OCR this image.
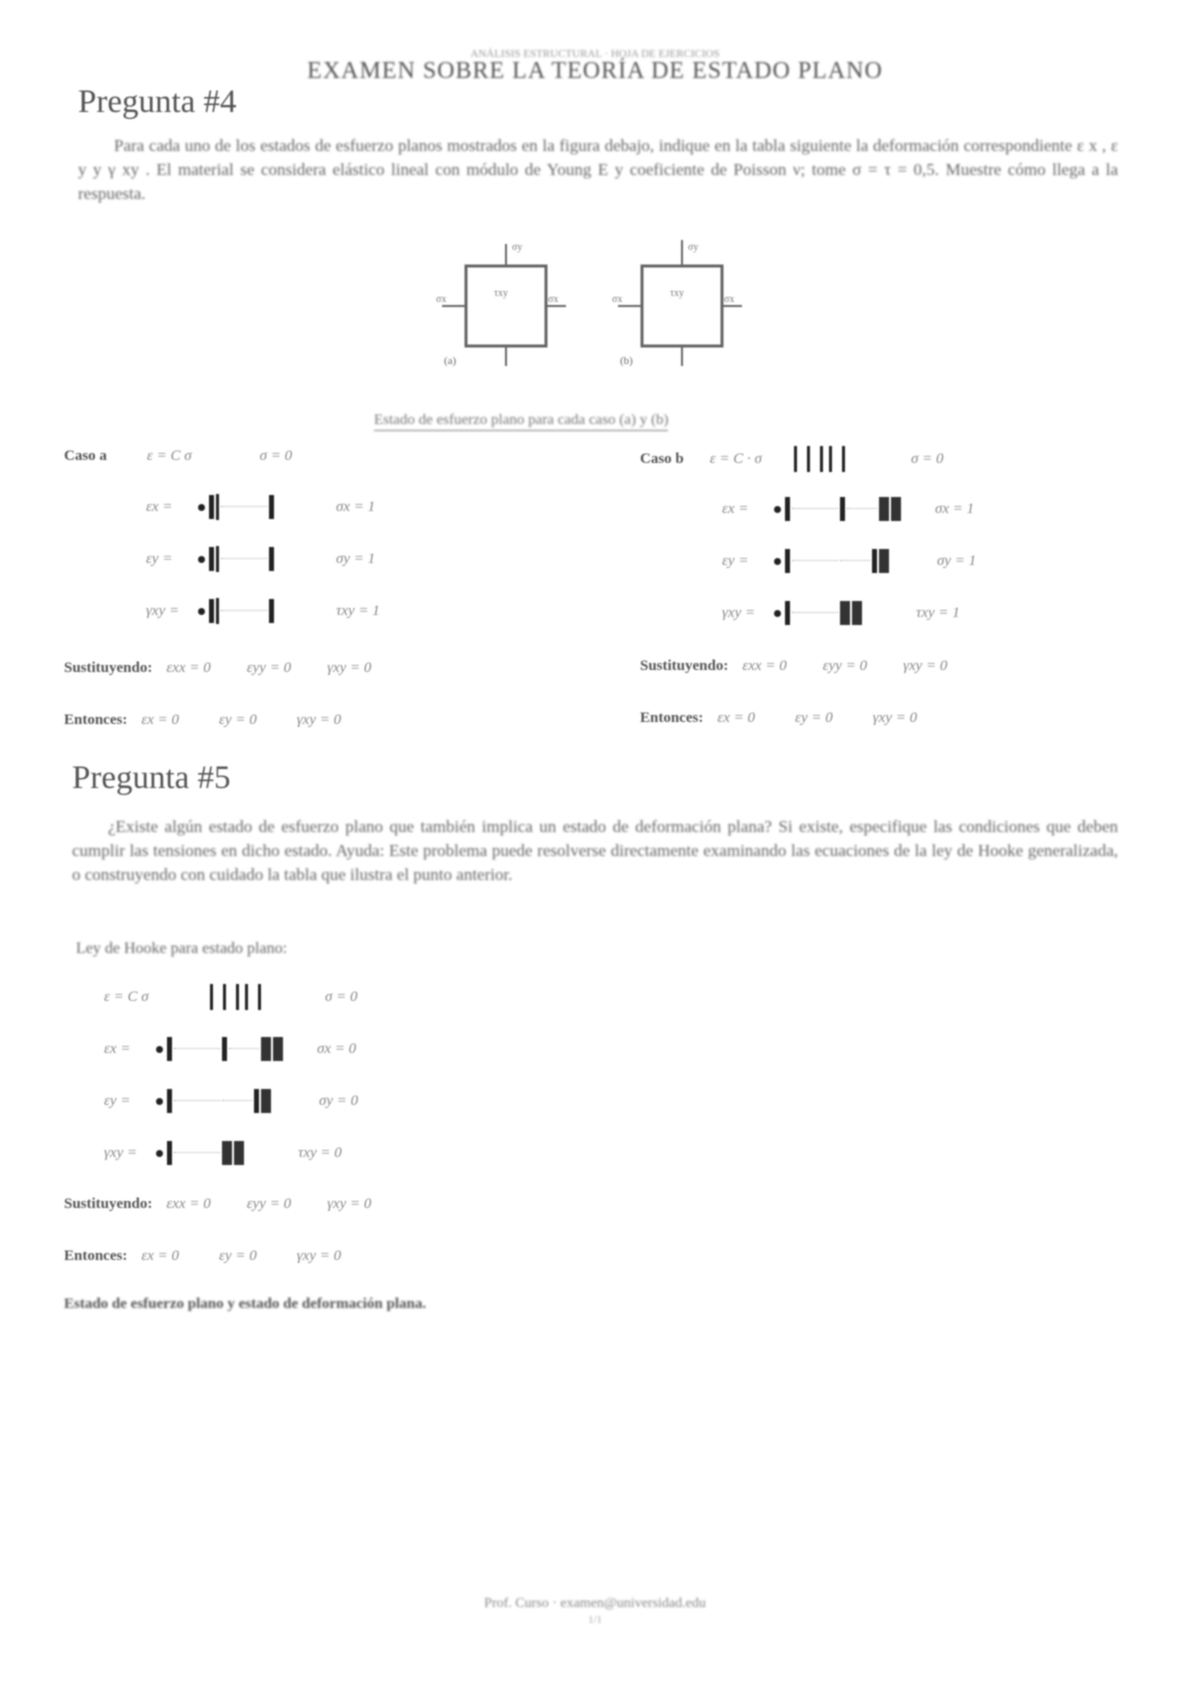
ANÁLISIS ESTRUCTURAL · HOJA DE EJERCICIOS
EXAMEN SOBRE LA TEORÍA DE ESTADO PLANO
Pregunta #4

Para cada uno de los estados de esfuerzo planos mostrados en la figura debajo, indique en la tabla siguiente la deformación correspondiente ε x , ε y y γ xy . El material se considera elástico lineal con módulo de Young E y coeficiente de Poisson ν; tome σ = τ = 0,5. Muestre cómo llega a la respuesta.

σy
σx	σx
τxy
(a)
σy
σx	σx
τxy
(b)
Estado de esfuerzo plano para cada caso (a) y (b)
Caso a	ε = C σ	σ = 0
εx =	σx = 1
εy =	σy = 1
γxy =	τxy = 1
Sustituyendo: εxx = 0 εyy = 0 γxy = 0
Entonces: εx = 0	εy = 0	γxy = 0
Caso b ε = C · σ	σ = 0
εx =	σx = 1
εy =	σy = 1
γxy =	τxy = 1
Sustituyendo: εxx = 0 εyy = 0 γxy = 0
Entonces: εx = 0	εy = 0	γxy = 0
Pregunta #5

¿Existe algún estado de esfuerzo plano que también implica un estado de deformación plana? Si existe, especifique las condiciones que deben cumplir las tensiones en dicho estado. Ayuda: Este problema puede resolverse directamente examinando las ecuaciones de la ley de Hooke generalizada, o construyendo con cuidado la tabla que ilustra el punto anterior.

Ley de Hooke para estado plano:
ε = C σ	σ = 0
εx =	σx = 0
εy =	σy = 0
γxy =	τxy = 0
Sustituyendo: εxx = 0 εyy = 0 γxy = 0
Entonces: εx = 0	εy = 0	γxy = 0
Estado de esfuerzo plano y estado de deformación plana.
Prof. Curso · examen@universidad.edu
1/1
